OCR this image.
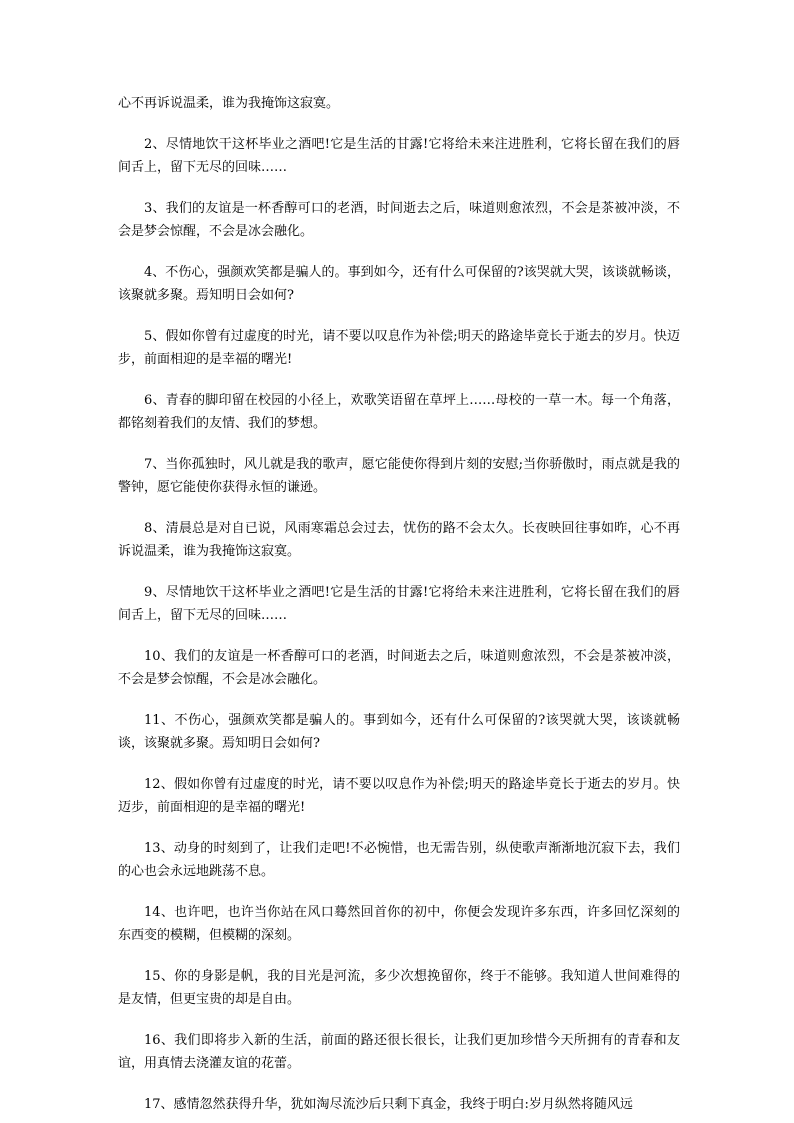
心不再诉说温柔，谁为我掩饰这寂寞。

2、尽情地饮干这杯毕业之酒吧!它是生活的甘露!它将给未来注进胜利，它将长留在我们的唇间舌上，留下无尽的回味……
3、我们的友谊是一杯香醇可口的老酒，时间逝去之后，味道则愈浓烈，不会是茶被冲淡，不会是梦会惊醒，不会是冰会融化。
4、不伤心，强颜欢笑都是骗人的。事到如今，还有什么可保留的?该哭就大哭，该谈就畅谈，该聚就多聚。焉知明日会如何?
5、假如你曾有过虚度的时光，请不要以叹息作为补偿;明天的路途毕竟长于逝去的岁月。快迈步，前面相迎的是幸福的曙光!
6、青春的脚印留在校园的小径上，欢歌笑语留在草坪上……母校的一草一木。每一个角落，都铭刻着我们的友情、我们的梦想。
7、当你孤独时，风儿就是我的歌声，愿它能使你得到片刻的安慰;当你骄傲时，雨点就是我的警钟，愿它能使你获得永恒的谦逊。
8、清晨总是对自已说，风雨寒霜总会过去，忧伤的路不会太久。长夜映回往事如昨，心不再诉说温柔，谁为我掩饰这寂寞。
9、尽情地饮干这杯毕业之酒吧!它是生活的甘露!它将给未来注进胜利，它将长留在我们的唇间舌上，留下无尽的回味……
10、我们的友谊是一杯香醇可口的老酒，时间逝去之后，味道则愈浓烈，不会是茶被冲淡，不会是梦会惊醒，不会是冰会融化。
11、不伤心，强颜欢笑都是骗人的。事到如今，还有什么可保留的?该哭就大哭，该谈就畅谈，该聚就多聚。焉知明日会如何?
12、假如你曾有过虚度的时光，请不要以叹息作为补偿;明天的路途毕竟长于逝去的岁月。快迈步，前面相迎的是幸福的曙光!
13、动身的时刻到了，让我们走吧!不必惋惜，也无需告别，纵使歌声渐渐地沉寂下去，我们的心也会永远地跳荡不息。
14、也许吧，也许当你站在风口蓦然回首你的初中，你便会发现许多东西，许多回忆深刻的东西变的模糊，但模糊的深刻。
15、你的身影是帆，我的目光是河流，多少次想挽留你，终于不能够。我知道人世间难得的是友情，但更宝贵的却是自由。
16、我们即将步入新的生活，前面的路还很长很长，让我们更加珍惜今天所拥有的青春和友谊，用真情去浇灌友谊的花蕾。
17、感情忽然获得升华，犹如淘尽流沙后只剩下真金，我终于明白:岁月纵然将随风远
